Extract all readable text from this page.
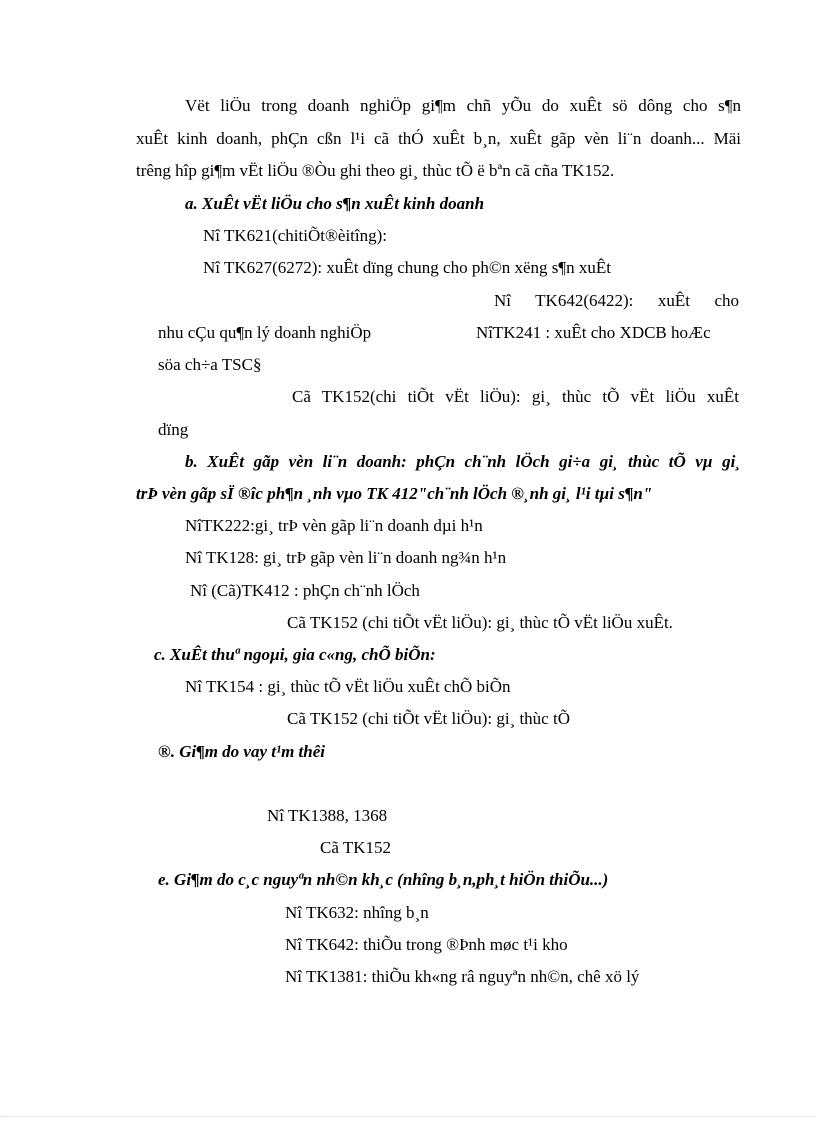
Vët liÖu trong doanh nghiÖp gi¶m chñ yÕu do xuÊt sö dông cho s¶n
xuÊt kinh doanh, phÇn cßn l¹i cã thÓ xuÊt b¸n, xuÊt gãp vèn li¨n doanh... Mäi
trêng hîp gi¶m vËt liÖu ®Òu ghi theo gi¸ thùc tÕ ë bªn cã cña TK152.
a. XuÊt vËt liÖu cho s¶n xuÊt kinh doanh
Nî TK621(chitiÕt®èitîng):
Nî TK627(6272): xuÊt dïng chung cho ph©n xëng s¶n xuÊt
Nî TK642(6422): xuÊt cho
nhu cÇu qu¶n lý doanh nghiÖp	NîTK241 : xuÊt cho XDCB hoÆc
söa ch÷a TSC§
Cã TK152(chi tiÕt vËt liÖu): gi¸ thùc tÕ vËt liÖu xuÊt
dïng
b. XuÊt gãp vèn li¨n doanh: phÇn ch¨nh lÖch gi÷a gi¸ thùc tÕ vµ gi¸
trÞ vèn gãp sÏ ®îc ph¶n ¸nh vµo TK 412"ch¨nh lÖch ®¸nh gi¸ l¹i tµi s¶n"
NîTK222:gi¸ trÞ vèn gãp li¨n doanh dµi h¹n
Nî TK128: gi¸ trÞ gãp vèn li¨n doanh ng¾n h¹n
Nî (Cã)TK412 : phÇn ch¨nh lÖch
Cã TK152 (chi tiÕt vËt liÖu): gi¸ thùc tÕ vËt liÖu xuÊt.
c. XuÊt thuª ngoµi, gia c«ng, chÕ biÕn:
Nî TK154 : gi¸ thùc tÕ vËt liÖu xuÊt chÕ biÕn
Cã TK152 (chi tiÕt vËt liÖu): gi¸ thùc tÕ
®. Gi¶m do vay t¹m thêi
Nî TK1388, 1368
Cã TK152
e. Gi¶m do c¸c nguyªn nh©n kh¸c (nhîng b¸n,ph¸t hiÖn thiÕu...)
Nî TK632: nhîng b¸n
Nî TK642: thiÕu trong ®Þnh møc t¹i kho
Nî TK1381: thiÕu kh«ng râ nguyªn nh©n, chê xö lý
